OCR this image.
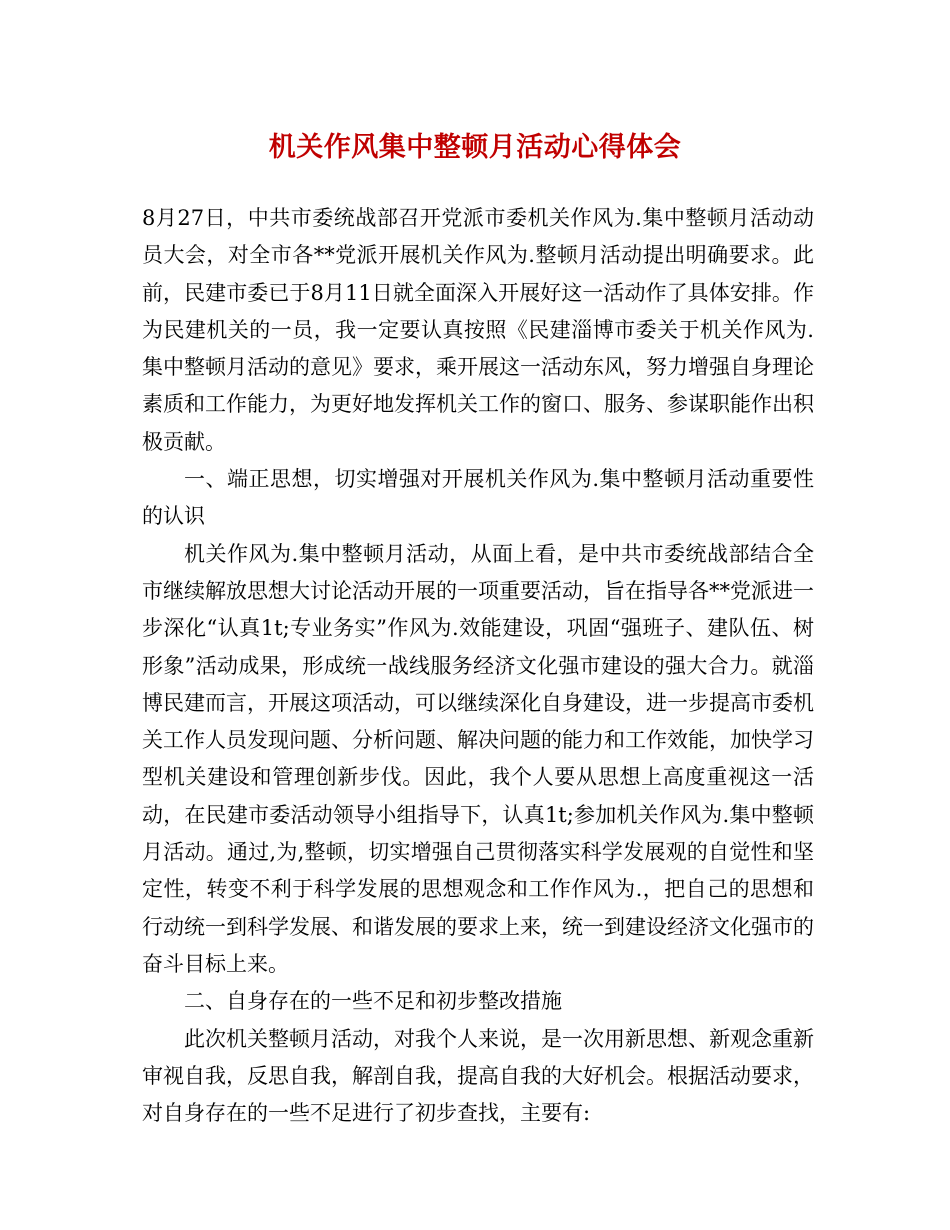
机关作风集中整顿月活动心得体会

8月27日，中共市委统战部召开党派市委机关作风为.集中整顿月活动动员大会，对全市各**党派开展机关作风为.整顿月活动提出明确要求。此前，民建市委已于8月11日就全面深入开展好这一活动作了具体安排。作为民建机关的一员，我一定要认真按照《民建淄博市委关于机关作风为.集中整顿月活动的意见》要求，乘开展这一活动东风，努力增强自身理论素质和工作能力，为更好地发挥机关工作的窗口、服务、参谋职能作出积极贡献。

一、端正思想，切实增强对开展机关作风为.集中整顿月活动重要性的认识

机关作风为.集中整顿月活动，从面上看，是中共市委统战部结合全市继续解放思想大讨论活动开展的一项重要活动，旨在指导各**党派进一步深化“认真1t;专业务实”作风为.效能建设，巩固“强班子、建队伍、树形象”活动成果，形成统一战线服务经济文化强市建设的强大合力。就淄博民建而言，开展这项活动，可以继续深化自身建设，进一步提高市委机关工作人员发现问题、分析问题、解决问题的能力和工作效能，加快学习型机关建设和管理创新步伐。因此，我个人要从思想上高度重视这一活动，在民建市委活动领导小组指导下，认真1t;参加机关作风为.集中整顿月活动。通过,为,整顿，切实增强自己贯彻落实科学发展观的自觉性和坚定性，转变不利于科学发展的思想观念和工作作风为.，把自己的思想和行动统一到科学发展、和谐发展的要求上来，统一到建设经济文化强市的奋斗目标上来。

二、自身存在的一些不足和初步整改措施

此次机关整顿月活动，对我个人来说，是一次用新思想、新观念重新审视自我，反思自我，解剖自我，提高自我的大好机会。根据活动要求，对自身存在的一些不足进行了初步查找，主要有:
